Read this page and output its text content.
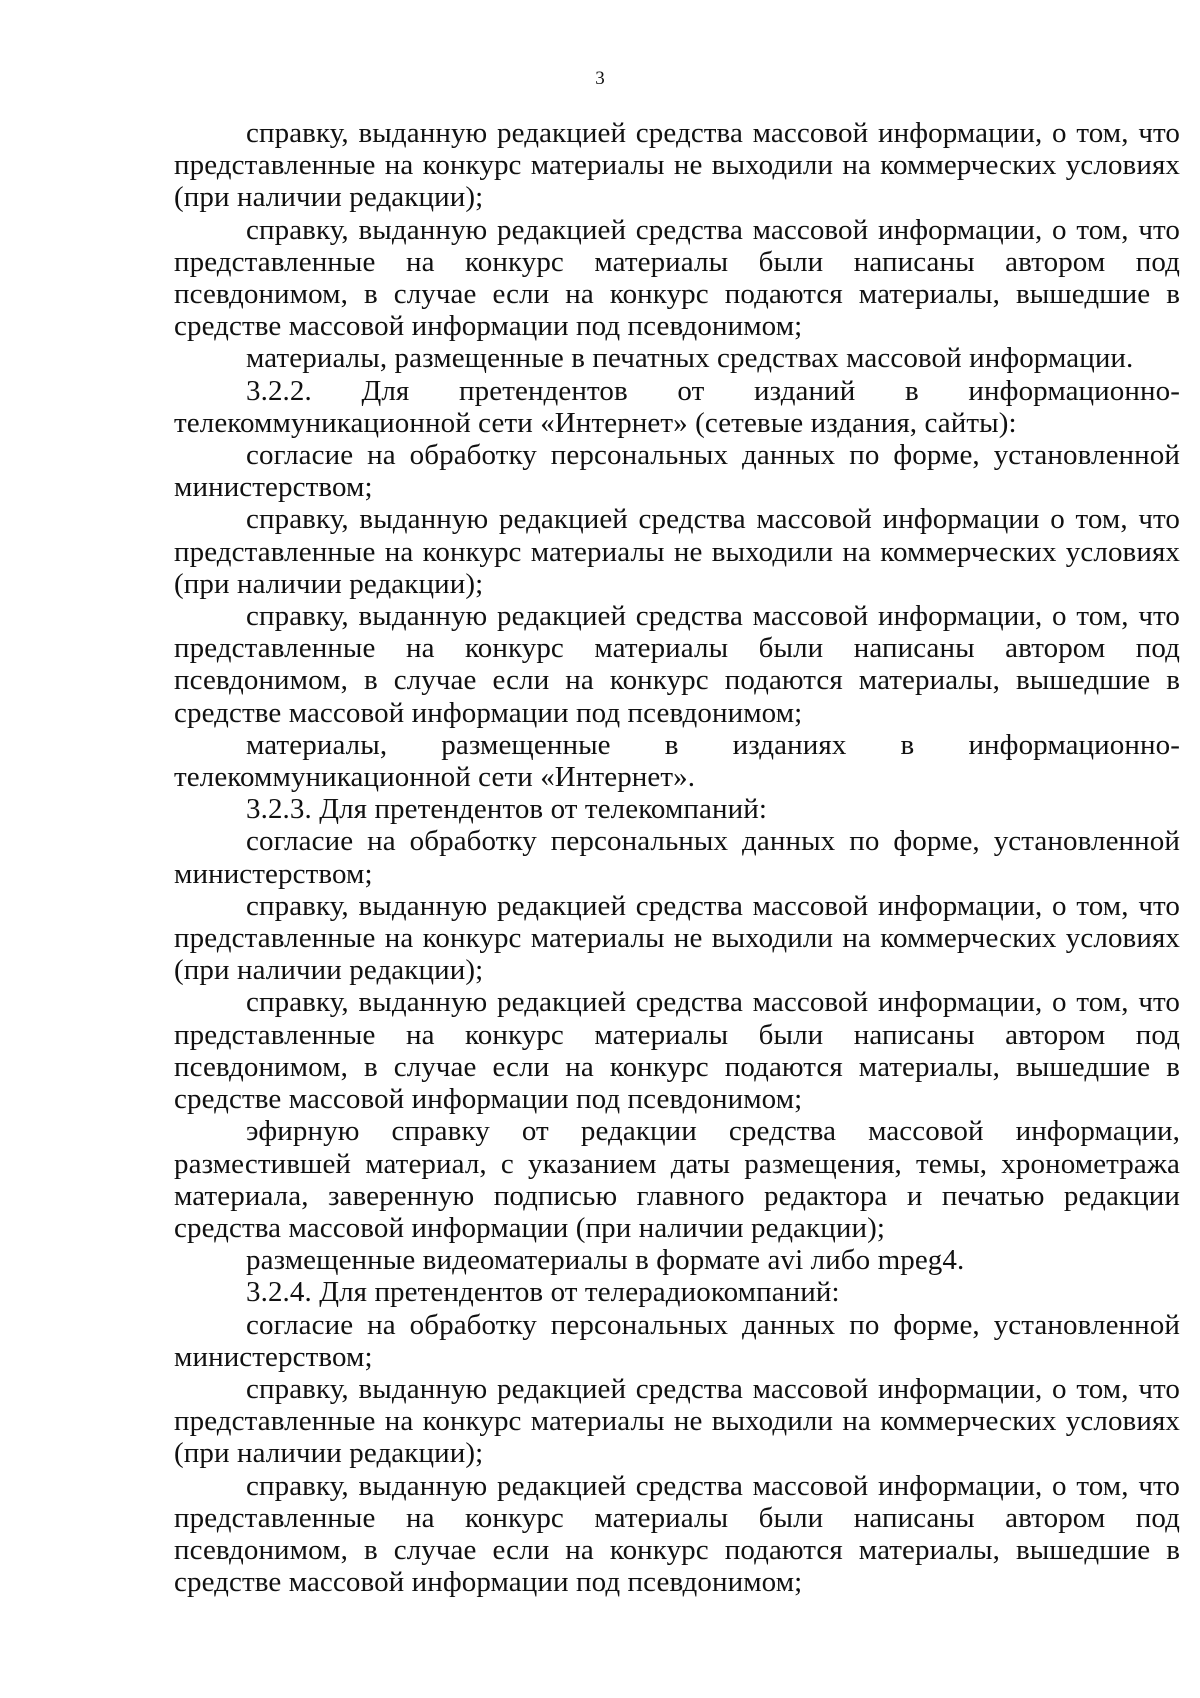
3

справку, выданную редакцией средства массовой информации, о том, что представленные на конкурс материалы не выходили на коммерческих условиях (при наличии редакции);

справку, выданную редакцией средства массовой информации, о том, что представленные на конкурс материалы были написаны автором под псевдонимом, в случае если на конкурс подаются материалы, вышедшие в средстве массовой информации под псевдонимом;

материалы, размещенные в печатных средствах массовой информации.

3.2.2. Для претендентов от изданий в информационно-телекоммуникационной сети «Интернет» (сетевые издания, сайты):

согласие на обработку персональных данных по форме, установленной министерством;

справку, выданную редакцией средства массовой информации о том, что представленные на конкурс материалы не выходили на коммерческих условиях (при наличии редакции);

справку, выданную редакцией средства массовой информации, о том, что представленные на конкурс материалы были написаны автором под псевдонимом, в случае если на конкурс подаются материалы, вышедшие в средстве массовой информации под псевдонимом;

материалы, размещенные в изданиях в информационно-телекоммуникационной сети «Интернет».

3.2.3. Для претендентов от телекомпаний:

согласие на обработку персональных данных по форме, установленной министерством;

справку, выданную редакцией средства массовой информации, о том, что представленные на конкурс материалы не выходили на коммерческих условиях (при наличии редакции);

справку, выданную редакцией средства массовой информации, о том, что представленные на конкурс материалы были написаны автором под псевдонимом, в случае если на конкурс подаются материалы, вышедшие в средстве массовой информации под псевдонимом;

эфирную справку от редакции средства массовой информации, разместившей материал, с указанием даты размещения, темы, хронометража материала, заверенную подписью главного редактора и печатью редакции средства массовой информации (при наличии редакции);

размещенные видеоматериалы в формате avi либо mpeg4.

3.2.4. Для претендентов от телерадиокомпаний:

согласие на обработку персональных данных по форме, установленной министерством;

справку, выданную редакцией средства массовой информации, о том, что представленные на конкурс материалы не выходили на коммерческих условиях (при наличии редакции);

справку, выданную редакцией средства массовой информации, о том, что представленные на конкурс материалы были написаны автором под псевдонимом, в случае если на конкурс подаются материалы, вышедшие в средстве массовой информации под псевдонимом;
